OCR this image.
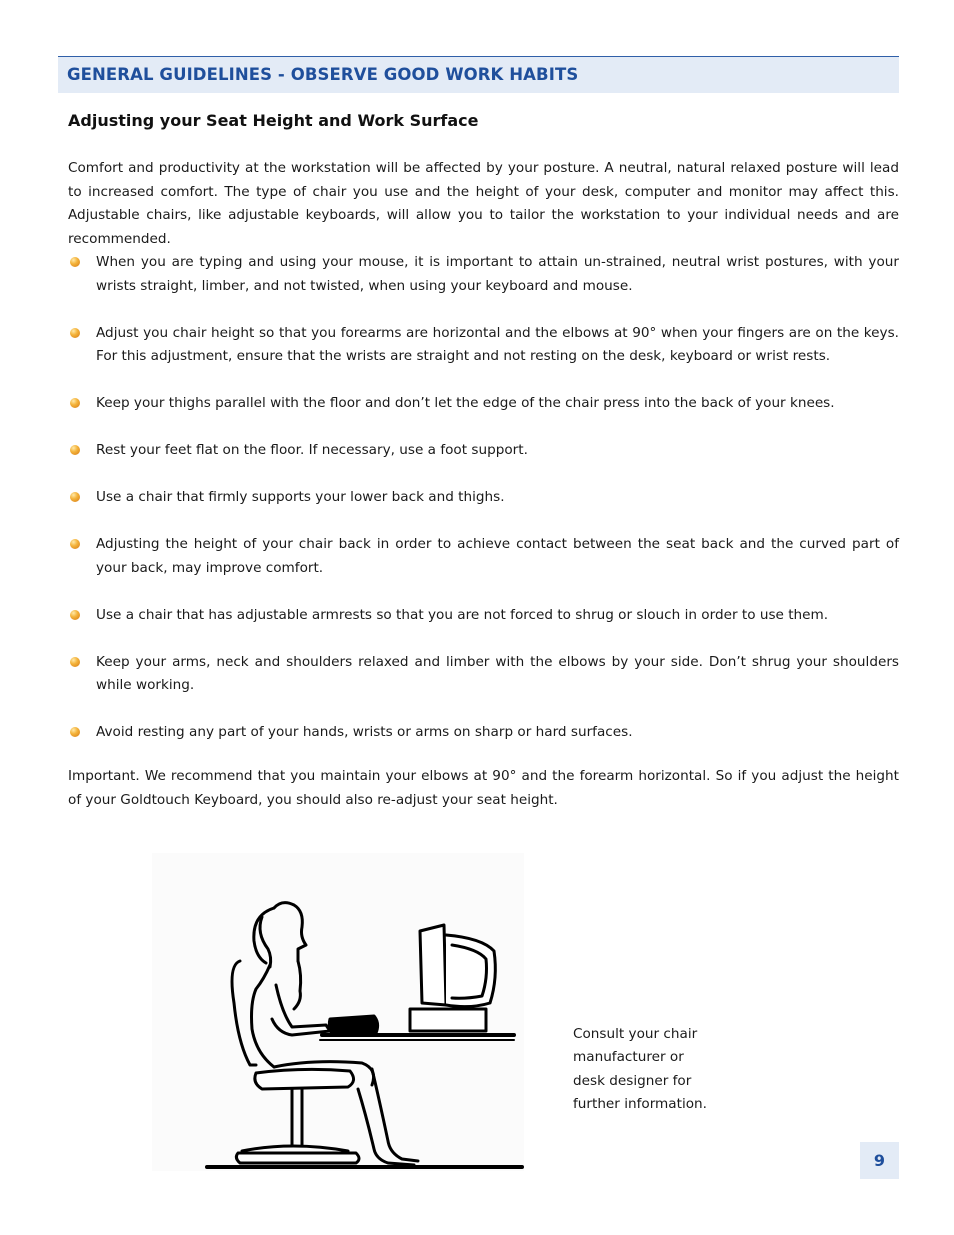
GENERAL GUIDELINES - OBSERVE GOOD WORK HABITS
Adjusting your Seat Height and Work Surface

Comfort and productivity at the workstation will be affected by your posture. A neutral, natural relaxed posture will lead to increased comfort. The type of chair you use and the height of your desk, computer and monitor may affect this. Adjustable chairs, like adjustable keyboards, will allow you to tailor the workstation to your individual needs and are recommended.

When you are typing and using your mouse, it is important to attain un-strained, neutral wrist postures, with your wrists straight, limber, and not twisted, when using your keyboard and mouse.
Adjust you chair height so that you forearms are horizontal and the elbows at 90° when your fingers are on the keys. For this adjustment, ensure that the wrists are straight and not resting on the desk, keyboard or wrist rests.
Keep your thighs parallel with the floor and don’t let the edge of the chair press into the back of your knees.
Rest your feet flat on the floor. If necessary, use a foot support.
Use a chair that firmly supports your lower back and thighs.
Adjusting the height of your chair back in order to achieve contact between the seat back and the curved part of your back, may improve comfort.
Use a chair that has adjustable armrests so that you are not forced to shrug or slouch in order to use them.
Keep your arms, neck and shoulders relaxed and limber with the elbows by your side. Don’t shrug your shoulders while working.
Avoid resting any part of your hands, wrists or arms on sharp or hard surfaces.

Important. We recommend that you maintain your elbows at 90° and the forearm horizontal. So if you adjust the height of your Goldtouch Keyboard, you should also re-adjust your seat height.

Consult your chair
manufacturer or
desk designer for
further information.

9
